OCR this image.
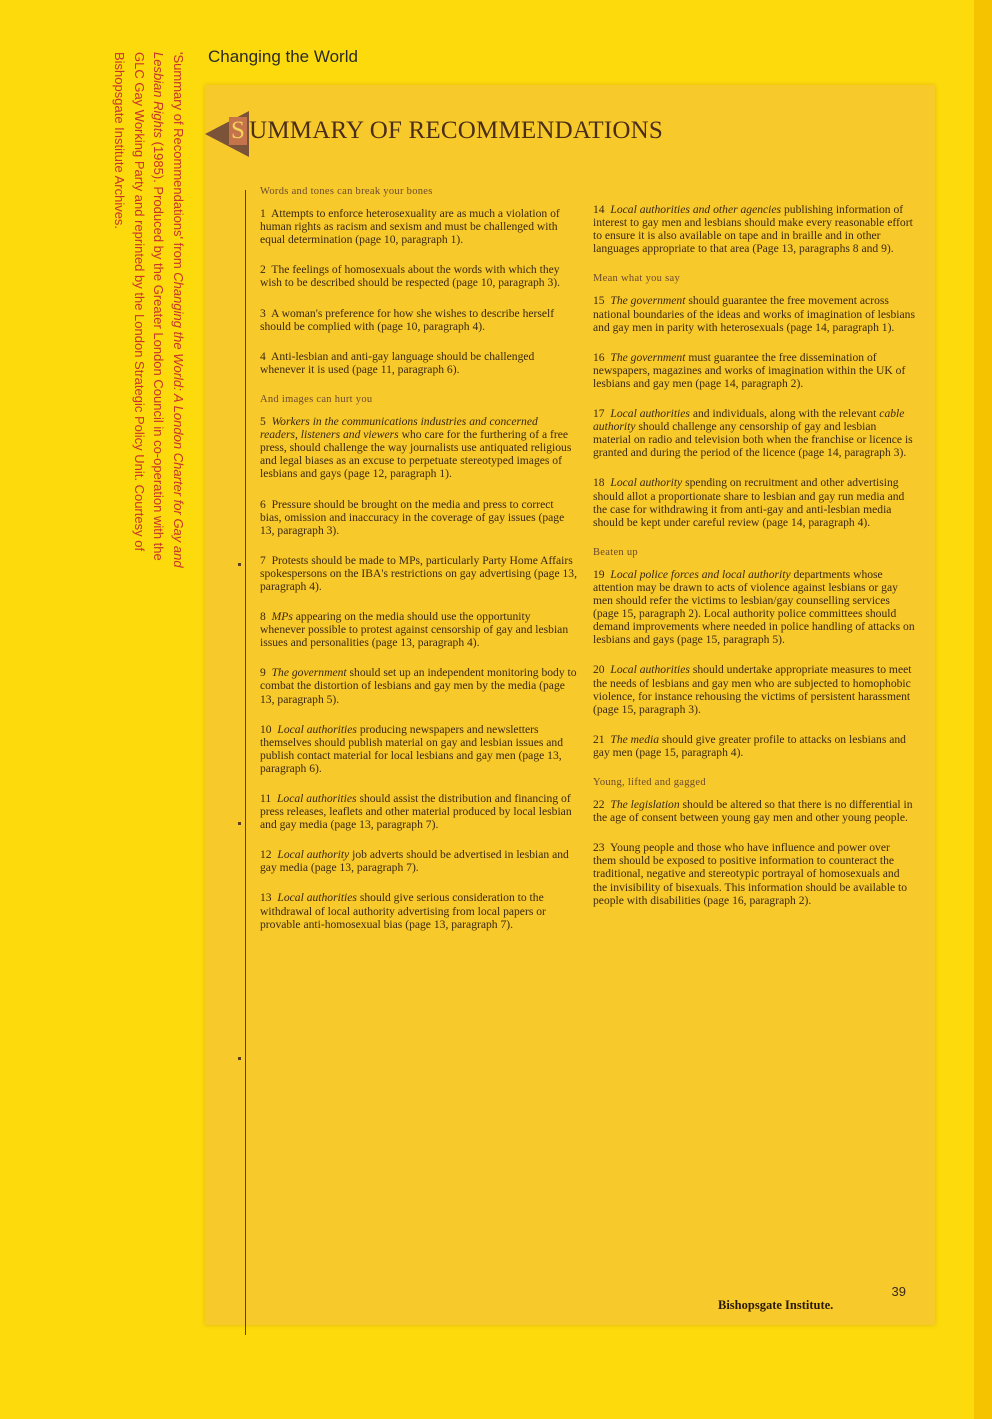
Changing the World
'Summary of Recommendations' from Changing the World: A London Charter for Gay and Lesbian Rights (1985). Produced by the Greater London Council in co-operation with the GLC Gay Working Party and reprinted by the London Strategic Policy Unit. Courtesy of Bishopsgate Institute Archives.	S UMMARY OF RECOMMENDATIONS
Words and tones can break your bones
1 Attempts to enforce heterosexuality are as much a violation of human rights as racism and sexism and must be challenged with equal determination (page 10, paragraph 1).
2 The feelings of homosexuals about the words with which they wish to be described should be respected (page 10, paragraph 3).
3 A woman's preference for how she wishes to describe herself should be complied with (page 10, paragraph 4).
4 Anti-lesbian and anti-gay language should be challenged whenever it is used (page 11, paragraph 6).
And images can hurt you
5 Workers in the communications industries and concerned readers, listeners and viewers who care for the furthering of a free press, should challenge the way journalists use antiquated religious and legal biases as an excuse to perpetuate stereotyped images of lesbians and gays (page 12, paragraph 1).
6 Pressure should be brought on the media and press to correct bias, omission and inaccuracy in the coverage of gay issues (page 13, paragraph 3).
7 Protests should be made to MPs, particularly Party Home Affairs spokespersons on the IBA's restrictions on gay advertising (page 13, paragraph 4).
8 MPs appearing on the media should use the opportunity whenever possible to protest against censorship of gay and lesbian issues and personalities (page 13, paragraph 4).
9 The government should set up an independent monitoring body to combat the distortion of lesbians and gay men by the media (page 13, paragraph 5).
10 Local authorities producing newspapers and newsletters themselves should publish material on gay and lesbian issues and publish contact material for local lesbians and gay men (page 13, paragraph 6).
11 Local authorities should assist the distribution and financing of press releases, leaflets and other material produced by local lesbian and gay media (page 13, paragraph 7).
12 Local authority job adverts should be advertised in lesbian and gay media (page 13, paragraph 7).
13 Local authorities should give serious consideration to the withdrawal of local authority advertising from local papers or provable anti-homosexual bias (page 13, paragraph 7).
14 Local authorities and other agencies publishing information of interest to gay men and lesbians should make every reasonable effort to ensure it is also available on tape and in braille and in other languages appropriate to that area (Page 13, paragraphs 8 and 9).
Mean what you say
15 The government should guarantee the free movement across national boundaries of the ideas and works of imagination of lesbians and gay men in parity with heterosexuals (page 14, paragraph 1).
16 The government must guarantee the free dissemination of newspapers, magazines and works of imagination within the UK of lesbians and gay men (page 14, paragraph 2).
17 Local authorities and individuals, along with the relevant cable authority should challenge any censorship of gay and lesbian material on radio and television both when the franchise or licence is granted and during the period of the licence (page 14, paragraph 3).
18 Local authority spending on recruitment and other advertising should allot a proportionate share to lesbian and gay run media and the case for withdrawing it from anti-gay and anti-lesbian media should be kept under careful review (page 14, paragraph 4).
Beaten up
19 Local police forces and local authority departments whose attention may be drawn to acts of violence against lesbians or gay men should refer the victims to lesbian/gay counselling services (page 15, paragraph 2). Local authority police committees should demand improvements where needed in police handling of attacks on lesbians and gays (page 15, paragraph 5).
20 Local authorities should undertake appropriate measures to meet the needs of lesbians and gay men who are subjected to homophobic violence, for instance rehousing the victims of persistent harassment (page 15, paragraph 3).
21 The media should give greater profile to attacks on lesbians and gay men (page 15, paragraph 4).
Young, lifted and gagged
22 The legislation should be altered so that there is no differential in the age of consent between young gay men and other young people.
23 Young people and those who have influence and power over them should be exposed to positive information to counteract the traditional, negative and stereotypic portrayal of homosexuals and the invisibility of bisexuals. This information should be available to people with disabilities (page 16, paragraph 2).
39
Bishopsgate Institute.
